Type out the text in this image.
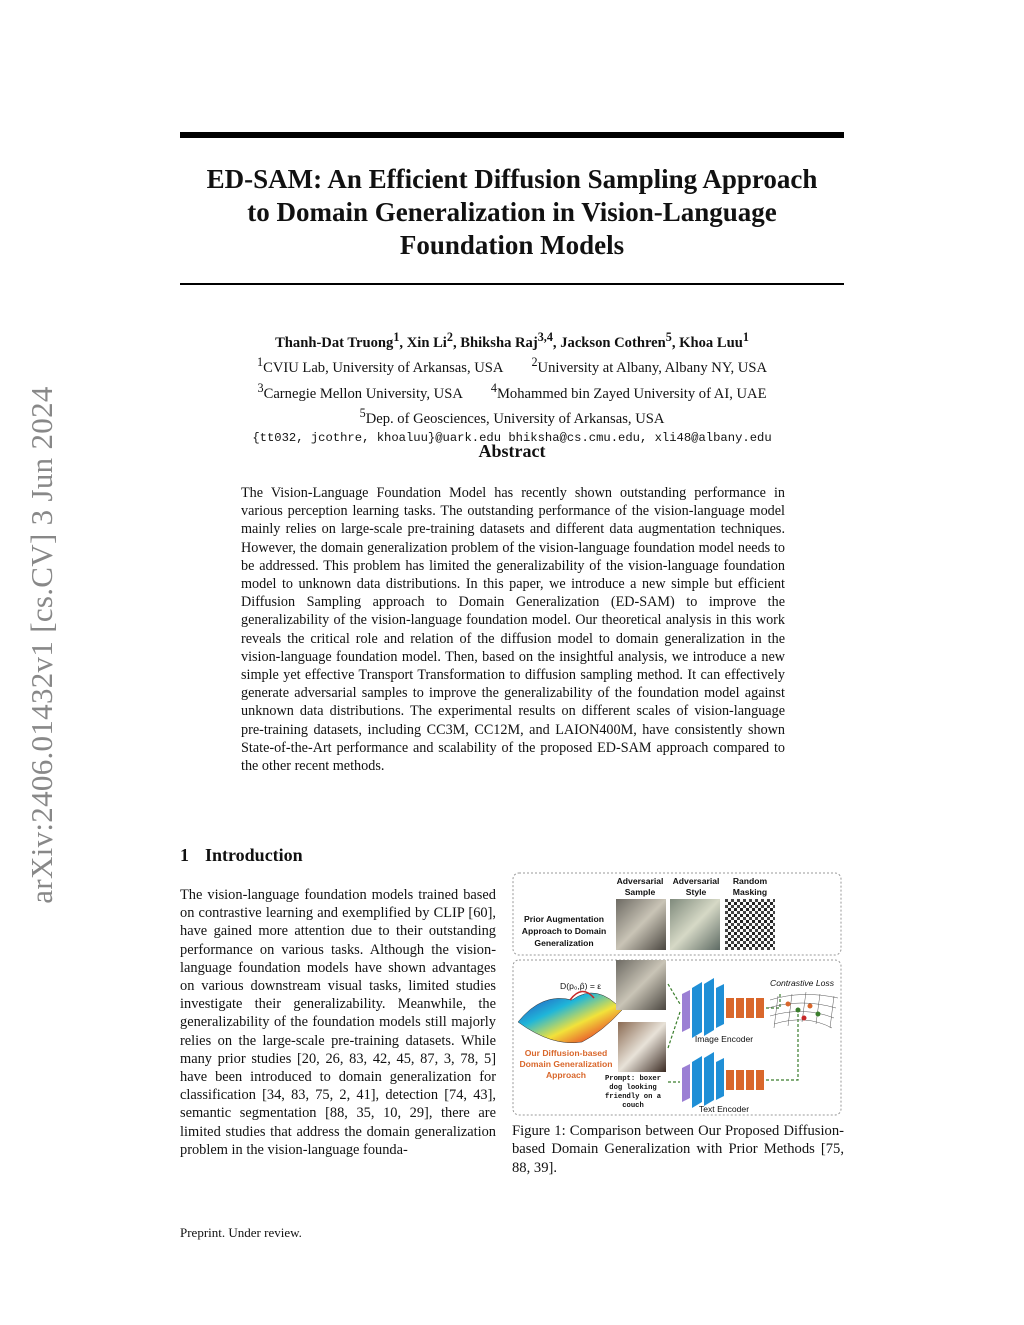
arXiv:2406.01432v1 [cs.CV] 3 Jun 2024
ED-SAM: An Efficient Diffusion Sampling Approach
to Domain Generalization in Vision-Language
Foundation Models
Thanh-Dat Truong$^1$, Xin Li$^2$, Bhiksha Raj$^{3,4}$, Jackson Cothren$^5$, Khoa Luu$^1$
$^1$CVIU Lab, University of Arkansas, USA $^2$University at Albany, Albany NY, USA
$^3$Carnegie Mellon University, USA $^4$Mohammed bin Zayed University of AI, UAE
$^5$Dep. of Geosciences, University of Arkansas, USA
{tt032, jcothre, khoaluu}@uark.edu bhiksha@cs.cmu.edu, xli48@albany.edu
Abstract
The Vision-Language Foundation Model has recently shown outstanding performance in various perception learning tasks. The outstanding performance of the vision-language model mainly relies on large-scale pre-training datasets and different data augmentation techniques. However, the domain generalization problem of the vision-language foundation model needs to be addressed. This problem has limited the generalizability of the vision-language foundation model to unknown data distributions. In this paper, we introduce a new simple but efficient Diffusion Sampling approach to Domain Generalization (ED-SAM) to improve the generalizability of the vision-language foundation model. Our theoretical analysis in this work reveals the critical role and relation of the diffusion model to domain generalization in the vision-language foundation model. Then, based on the insightful analysis, we introduce a new simple yet effective Transport Transformation to diffusion sampling method. It can effectively generate adversarial samples to improve the generalizability of the foundation model against unknown data distributions. The experimental results on different scales of vision-language pre-training datasets, including CC3M, CC12M, and LAION400M, have consistently shown State-of-the-Art performance and scalability of the proposed ED-SAM approach compared to the other recent methods.
1 Introduction
The vision-language foundation models trained based on contrastive learning and exemplified by CLIP [60], have gained more attention due to their outstanding performance on various tasks. Although the vision-language foundation models have shown advantages on various downstream visual tasks, limited studies investigate their generalizability. Meanwhile, the generalizability of the foundation models still majorly relies on the large-scale pre-training datasets. While many prior studies [20, 26, 83, 42, 45, 87, 3, 78, 5] have been introduced to domain generalization for classification [34, 83, 75, 2, 41], detection [74, 43], semantic segmentation [88, 35, 10, 29], there are limited studies that address the domain generalization problem in the vision-language founda-
Adversarial
Sample
Adversarial
Style
Random
Masking
Prior Augmentation
Approach to Domain
Generalization
D(p₀,p̂) = ε
Our Diffusion-based
Domain Generalization
Approach	Prompt: boxer
dog looking
friendly on a
couch
Image Encoder
Text Encoder
Contrastive Loss
Figure 1: Comparison between Our Proposed Diffusion-based Domain Generalization with Prior Methods [75, 88, 39].
Preprint. Under review.
